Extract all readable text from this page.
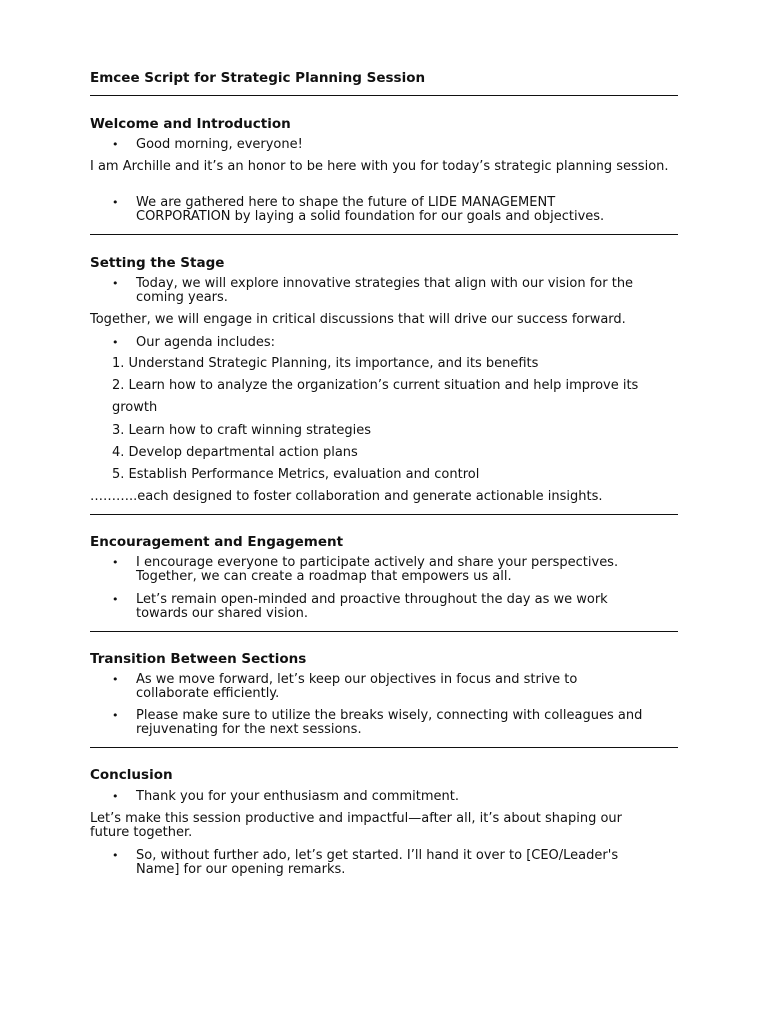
Emcee Script for Strategic Planning Session
Welcome and Introduction
• Good morning, everyone!
I am Archille and it’s an honor to be here with you for today’s strategic planning session.
• We are gathered here to shape the future of LIDE MANAGEMENT CORPORATION by laying a solid foundation for our goals and objectives.
Setting the Stage
• Today, we will explore innovative strategies that align with our vision for the coming years.
Together, we will engage in critical discussions that will drive our success forward.
• Our agenda includes:
1. Understand Strategic Planning, its importance, and its benefits
2. Learn how to analyze the organization’s current situation and help improve its
growth
3. Learn how to craft winning strategies
4. Develop departmental action plans
5. Establish Performance Metrics, evaluation and control
………..each designed to foster collaboration and generate actionable insights.
Encouragement and Engagement
• I encourage everyone to participate actively and share your perspectives. Together, we can create a roadmap that empowers us all.
• Let’s remain open-minded and proactive throughout the day as we work towards our shared vision.
Transition Between Sections
• As we move forward, let’s keep our objectives in focus and strive to collaborate efficiently.
• Please make sure to utilize the breaks wisely, connecting with colleagues and rejuvenating for the next sessions.
Conclusion
• Thank you for your enthusiasm and commitment.
Let’s make this session productive and impactful—after all, it’s about shaping our future together.
• So, without further ado, let’s get started. I’ll hand it over to [CEO/Leader's Name] for our opening remarks.
